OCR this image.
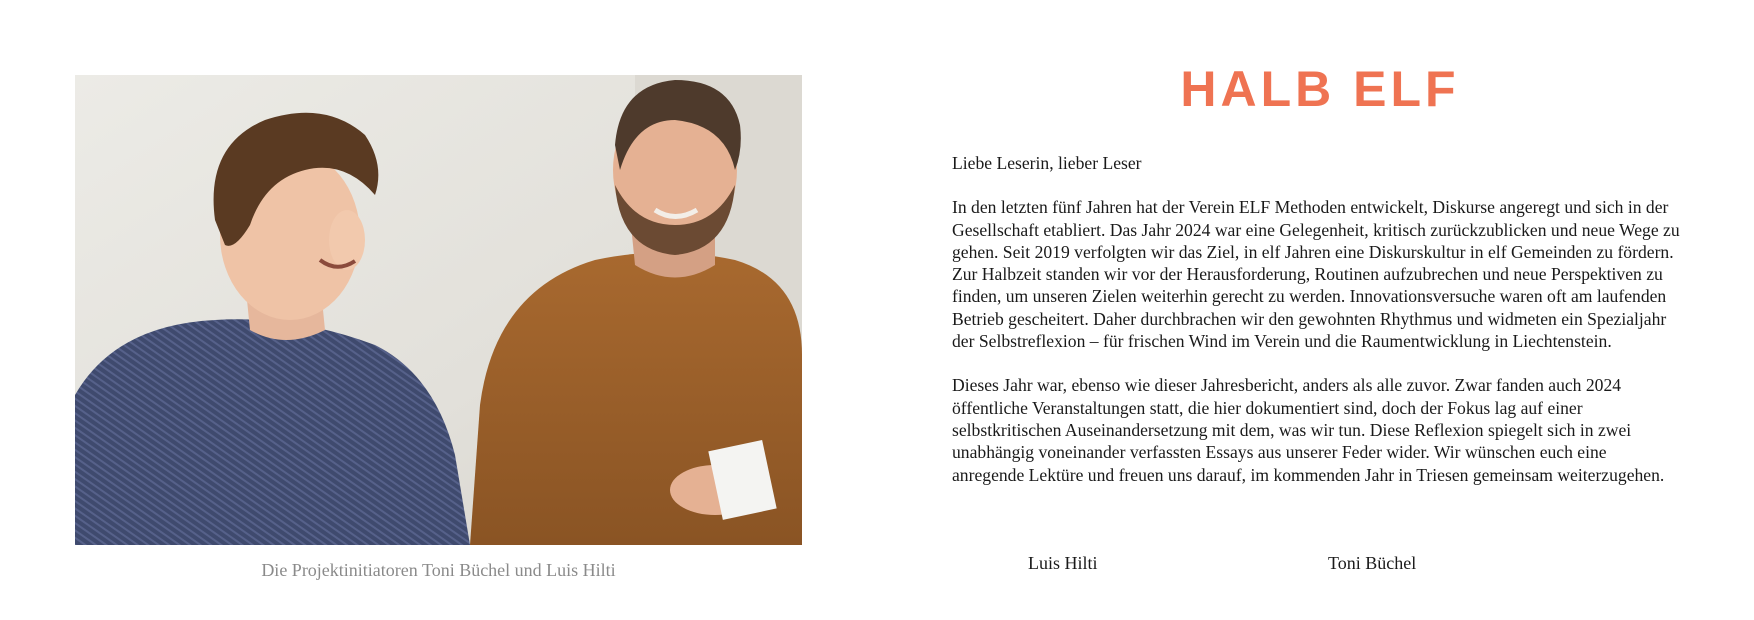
Die Projektinitiatoren Toni Büchel und Luis Hilti
HALB ELF

Liebe Leserin, lieber Leser

In den letzten fünf Jahren hat der Verein ELF Methoden entwickelt, Diskurse angeregt und sich in der Gesellschaft etabliert. Das Jahr 2024 war eine Gelegenheit, kritisch zurückzublicken und neue Wege zu gehen. Seit 2019 verfolgten wir das Ziel, in elf Jahren eine Diskurskultur in elf Gemeinden zu fördern. Zur Halbzeit standen wir vor der Herausforderung, Routinen aufzubrechen und neue Perspektiven zu finden, um unseren Zielen weiterhin gerecht zu werden. Innovationsversuche waren oft am laufenden Betrieb gescheitert. Daher durchbrachen wir den gewohnten Rhythmus und widmeten ein Spezialjahr der Selbstreflexion – für frischen Wind im Verein und die Raumentwicklung in Liechtenstein.

Dieses Jahr war, ebenso wie dieser Jahresbericht, anders als alle zuvor. Zwar fanden auch 2024 öffentliche Veranstaltungen statt, die hier dokumentiert sind, doch der Fokus lag auf einer selbstkritischen Auseinandersetzung mit dem, was wir tun. Diese Reflexion spiegelt sich in zwei unabhängig voneinander verfassten Essays aus unserer Feder wider. Wir wünschen euch eine anregende Lektüre und freuen uns darauf, im kommenden Jahr in Triesen gemeinsam weiterzugehen.

Luis Hilti	Toni Büchel
